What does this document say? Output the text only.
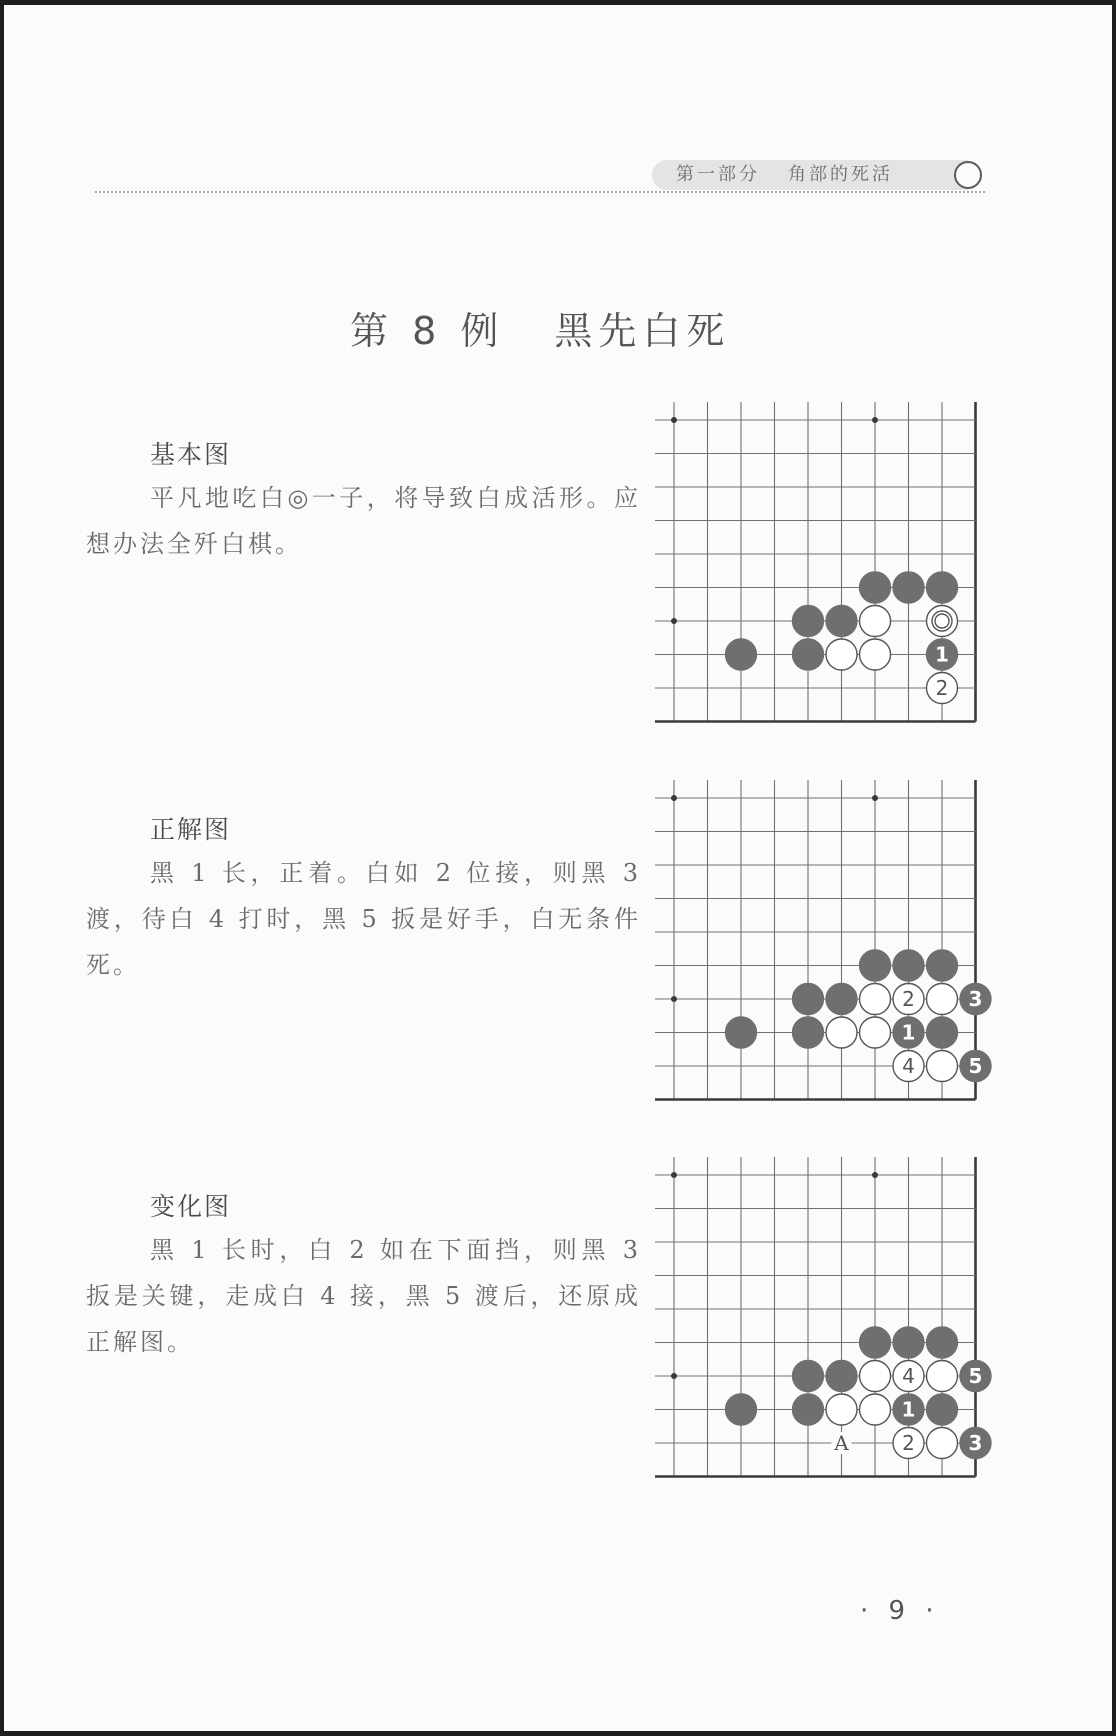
第一部分 角部的死活
第 8 例 黑先白死
基本图
平凡地吃白◎一子，将导致白成活形。应想办法全歼白棋。
1
2
正解图
黑 1 长，正着。白如 2 位接，则黑 3 渡，待白 4 打时，黑 5 扳是好手，白无条件死。
2	3
1
4	5
变化图
黑 1 长时，白 2 如在下面挡，则黑 3 扳是关键，走成白 4 接，黑 5 渡后，还原成正解图。
A
4	5
1
2	3
· 9 ·
